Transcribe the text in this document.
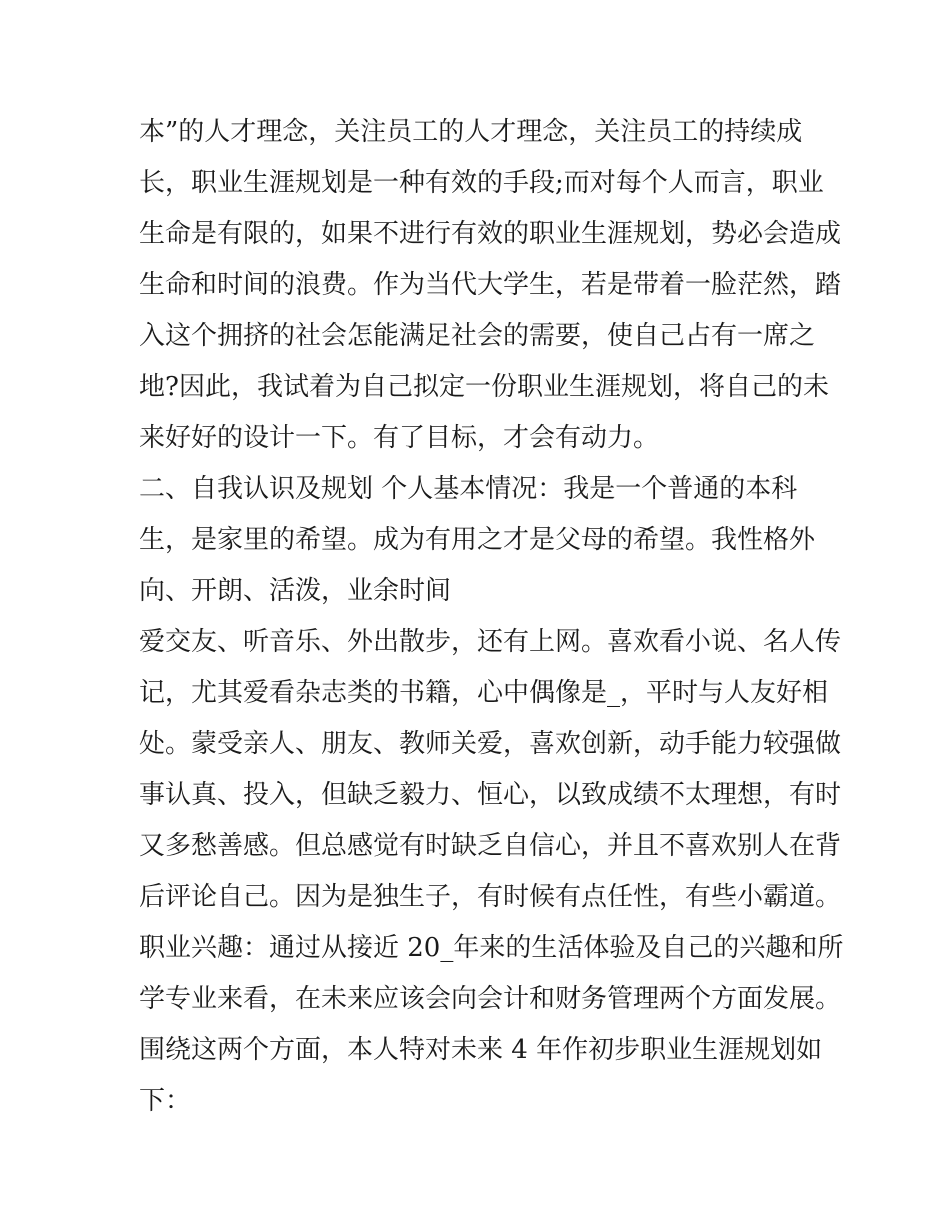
本”的人才理念，关注员工的人才理念，关注员工的持续成
长，职业生涯规划是一种有效的手段;而对每个人而言，职业
生命是有限的，如果不进行有效的职业生涯规划，势必会造成
生命和时间的浪费。作为当代大学生，若是带着一脸茫然，踏
入这个拥挤的社会怎能满足社会的需要，使自己占有一席之
地?因此，我试着为自己拟定一份职业生涯规划，将自己的未
来好好的设计一下。有了目标，才会有动力。
二、自我认识及规划 个人基本情况：我是一个普通的本科
生，是家里的希望。成为有用之才是父母的希望。我性格外
向、开朗、活泼，业余时间
爱交友、听音乐、外出散步，还有上网。喜欢看小说、名人传
记，尤其爱看杂志类的书籍，心中偶像是_，平时与人友好相
处。蒙受亲人、朋友、教师关爱，喜欢创新，动手能力较强做
事认真、投入，但缺乏毅力、恒心，以致成绩不太理想，有时
又多愁善感。但总感觉有时缺乏自信心，并且不喜欢别人在背
后评论自己。因为是独生子，有时候有点任性，有些小霸道。
职业兴趣：通过从接近 20_年来的生活体验及自己的兴趣和所
学专业来看，在未来应该会向会计和财务管理两个方面发展。
围绕这两个方面，本人特对未来 4 年作初步职业生涯规划如
下：
